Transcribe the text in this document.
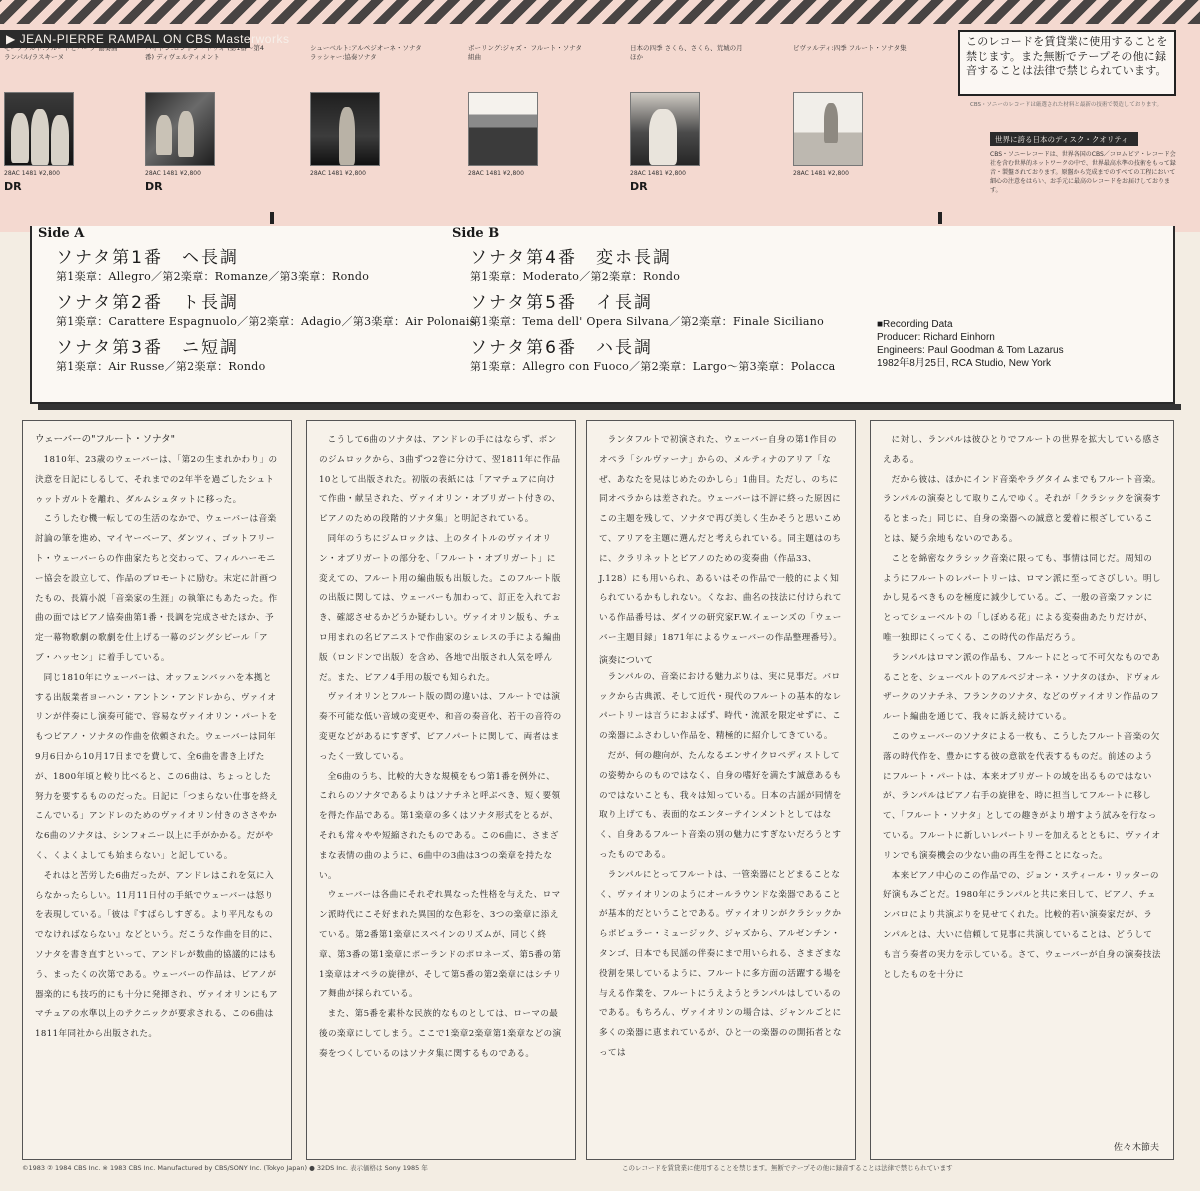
▶ JEAN-PIERRE RAMPAL ON CBS Masterworks
モーツァルト:フルートとハープ 協奏曲 ランパル/ラスキーヌ
28AC 1481 ¥2,800
DR
ハイドン:ロンドン・トリオ (第1番～第4番) ディヴェルティメント
28AC 1481 ¥2,800
DR
シューベルト:アルペジオーネ・ソナタ ラッシャー:協奏ソナタ
28AC 1481 ¥2,800
ボーリング:ジャズ・ フルート・ソナタ 組曲
28AC 1481 ¥2,800
日本の四季 さくら、さくら、荒城の月 ほか
28AC 1481 ¥2,800
DR
ビヴァルディ:四季 フルート・ソナタ集
28AC 1481 ¥2,800
このレコードを賃貸業に使用することを禁じます。また無断でテープその他に録音することは法律で禁じられています。
CBS・ソニーのレコードは厳選された材料と最新の技術で製造しております。
世界に誇る日本のディスク・クオリティ
CBS・ソニーレコードは、世界各国のCBS／コロムビア・レコード会社を含む世界的ネットワークの中で、世界最高水準の技術をもって録音・製盤されております。原盤から完成までのすべての工程において細心の注意をはらい、お手元に最高のレコードをお届けしております。
Side A
ソナタ第1番　ヘ長調
第1楽章：Allegro／第2楽章：Romanze／第3楽章：Rondo
ソナタ第2番　ト長調
第1楽章：Carattere Espagnuolo／第2楽章：Adagio／第3楽章：Air Polonais
ソナタ第3番　ニ短調
第1楽章：Air Russe／第2楽章：Rondo
Side B
ソナタ第4番　変ホ長調
第1楽章：Moderato／第2楽章：Rondo
ソナタ第5番　イ長調
第1楽章：Tema dell' Opera Silvana／第2楽章：Finale Siciliano
ソナタ第6番　ハ長調
第1楽章：Allegro con Fuoco／第2楽章：Largo～第3楽章：Polacca
■Recording Data
Producer: Richard Einhorn
Engineers: Paul Goodman & Tom Lazarus
1982年8月25日, RCA Studio, New York
ウェーバーの"フルート・ソナタ"

1810年、23歳のウェーバーは、「第2の生まれかわり」の決意を日記にしるして、それまでの2年半を過ごしたシュトゥットガルトを離れ、ダルムシュタットに移った。

こうしたむ機一転しての生活のなかで、ウェーバーは音楽討論の筆を進め、マイヤーベーア、ダンツィ、ゴットフリート・ウェーバーらの作曲家たちと交わって、フィルハーモニー協会を設立して、作品のプロモートに励む。末定に計画つたもの、長篇小説「音楽家の生涯」の執筆にもあたった。作曲の面ではピアノ協奏曲第1番・長調を完成させたほか、予定一幕物歌劇の歌劇を仕上げる一幕のジングシピール「アブ・ハッセン」に着手している。

同じ1810年にウェーバーは、オッフェンバッハを本拠とする出版業者ヨーハン・アントン・アンドレから、ヴァイオリンが伴奏にし演奏可能で、容易なヴァイオリン・パートをもつピアノ・ソナタの作曲を依頼された。ウェーバーは同年9月6日から10月17日までを費して、全6曲を書き上げたが、1800年頃と較り比べると、この6曲は、ちょっとした努力を要するもののだった。日記に「つまらない仕事を終えこんでいる」アンドレのためのヴァイオリン付きのささやかな6曲のソナタは、シンフォニー以上に手がかかる。だがやく、くよくよしても始まらない」と記している。

それはと苦労した6曲だったが、アンドレはこれを気に入らなかったらしい。11月11日付の手紙でウェーバーは怒りを表現している。「彼は『すばらしすぎる。より平凡なものでなければならない』などという。だこうな作曲を目的に、ソナタを書き直すといって、アンドレが数曲的協議的にはもう、まったくの次第である。ウェーバーの作品は、ピアノが器楽的にも技巧的にも十分に発揮され、ヴァイオリンにもアマチュアの水準以上のテクニックが要求される、この6曲は1811年同社から出版された。

こうして6曲のソナタは、アンドレの手にはならず、ボンのジムロックから、3曲ずつ2巻に分けて、翌1811年に作品10として出版された。初版の表紙には「アマチュアに向けて作曲・献呈された、ヴァイオリン・オブリガート付きの、ピアノのための段階的ソナタ集」と明記されている。

同年のうちにジムロックは、上のタイトルのヴァイオリン・オブリガートの部分を、「フルート・オブリガート」に変えての、フルート用の編曲版も出版した。このフルート版の出版に関しては、ウェーバーも加わって、訂正を入れておき、確認させるかどうか疑わしい。ヴァイオリン版も、チェロ用まれの名ピアニストで作曲家のシェレスの手による編曲版（ロンドンで出版）を含め、各地で出版され人気を呼んだ。また、ピアノ4手用の版でも知られた。

ヴァイオリンとフルート版の間の違いは、フルートでは演奏不可能な低い音域の変更や、和音の奏音化、若干の音符の変更などがあるにすぎず、ピアノパートに関して、両者はまったく一致している。

全6曲のうち、比較的大きな規模をもつ第1番を例外に、これらのソナタであるよりはソナチネと呼ぶべき、短く要領を得た作品である。第1楽章の多くはソナタ形式をとるが、それも常々やや短縮されたものである。この6曲に、さまざまな表情の曲のように、6曲中の3曲は3つの楽章を持たない。

ウェーバーは各曲にそれぞれ異なった性格を与えた、ロマン派時代にこそ好まれた異国的な色彩を、3つの楽章に添えている。第2番第1楽章にスペインのリズムが、同じく終章、第3番の第1楽章にポーランドのポロネーズ、第5番の第1楽章はオペラの旋律が、そして第5番の第2楽章にはシチリア舞曲が採られている。

また、第5番を素朴な民族的なものとしては、ローマの最後の楽章にしてしまう。ここで1楽章2楽章第1楽章などの演奏をつくしているのはソナタ集に関するものである。

ランタフルトで初演された、ウェーバー自身の第1作目のオペラ「シルヴァーナ」からの、メルティナのアリア「なぜ、あなたを見はじめたのかしら」1曲目。ただし、のちに同オペラからは差された。ウェーバーは不評に終った原因にこの主題を残して、ソナタで再び美しく生かそうと思いこめて、アリアを主題に選んだと考えられている。同主題はのちに、クラリネットとピアノのための変奏曲（作品33、J.128）にも用いられ、あるいはその作品で一般的によく知られているかもしれない。くなお、曲名の技法に付けられている作品番号は、ダイツの研究家F.W.イェーンズの「ウェーバー主題目録」1871年によるウェーバーの作品整理番号）。

演奏について

ランパルの、音楽における魅力ぶりは、実に見事だ。バロックから古典派、そして近代・現代のフルートの基本的なレパートリーは言うにおよばず、時代・流派を限定せずに、この楽器にふさわしい作品を、精極的に紹介してきている。

だが、何の趣向が、たんなるエンサイクロペディストしての姿勢からのものではなく、自身の嗜好を満たす誠意あるものではないことも、我々は知っている。日本の古謡が同情を取り上げても、表面的なエンターテインメントとしてはなく、自身あるフルート音楽の別の魅力にすぎないだろうとすったものである。

ランパルにとってフルートは、一管楽器にとどまることなく、ヴァイオリンのようにオールラウンドな楽器であることが基本的だということである。ヴァイオリンがクラシックからポピュラー・ミュージック、ジャズから、アルゼンチン・タンゴ、日本でも民謡の伴奏にまで用いられる、さまざまな役割を果しているように、フルートに多方面の活躍する場を与える作業を、フルートにうえようとランパルはしているのである。もちろん、ヴァイオリンの場合は、ジャンルごとに多くの楽器に恵まれているが、ひと一の楽器のの開拓者となっては

に対し、ランパルは彼ひとりでフルートの世界を拡大している感さえある。

だから彼は、ほかにインド音楽やラグタイムまでもフルート音楽。ランパルの演奏として取りこんでゆく。それが「クラシックを演奏するとまった」同じに、自身の楽器への誠意と愛着に根ざしていることは、疑う余地もないのである。

ことを綿密なクラシック音楽に限っても、事情は同じだ。周知のようにフルートのレパートリーは、ロマン派に至ってさびしい。明しかし見るべきものを極度に減少している。ご、一般の音楽ファンにとってシューベルトの「しぼめる花」による変奏曲あたりだけが、唯一独即にくってくる、この時代の作品だろう。

ランパルはロマン派の作品も、フルートにとって不可欠なものであることを、シューベルトのアルペジオーネ・ソナタのほか、ドヴォルザークのソナチネ、フランクのソナタ、などのヴァイオリン作品のフルート編曲を通じて、我々に訴え続けている。

このウェーバーのソナタによる一枚も、こうしたフルート音楽の欠落の時代作を、豊かにする彼の意欲を代表するものだ。前述のようにフルート・パートは、本来オブリガートの域を出るものではないが、ランパルはピアノ右手の旋律を、時に担当してフルートに移して、「フルート・ソナタ」としての趣きがより増すよう試みを行なっている。フルートに新しいレパートリーを加えるとともに、ヴァイオリンでも演奏機会の少ない曲の再生を得ことになった。

本来ピアノ中心のこの作品での、ジョン・スティール・リッターの好演もみごとだ。1980年にランパルと共に来日して、ピアノ、チェンバロにより共演ぶりを見せてくれた。比較的若い演奏家だが、ランパルとは、大いに信頼して見事に共演していることは、どうしても言う奏者の実力を示している。さて、ウェーバーが自身の演奏技法としたものを十分に

佐々木節夫
©1983 ② 1984 CBS Inc. ※ 1983 CBS Inc. Manufactured by CBS/SONY Inc. (Tokyo Japan) ● 32DS Inc. 表示価格は Sony 1985 年	このレコードを賃貸業に使用することを禁じます。無断でテープその他に録音することは法律で禁じられています
